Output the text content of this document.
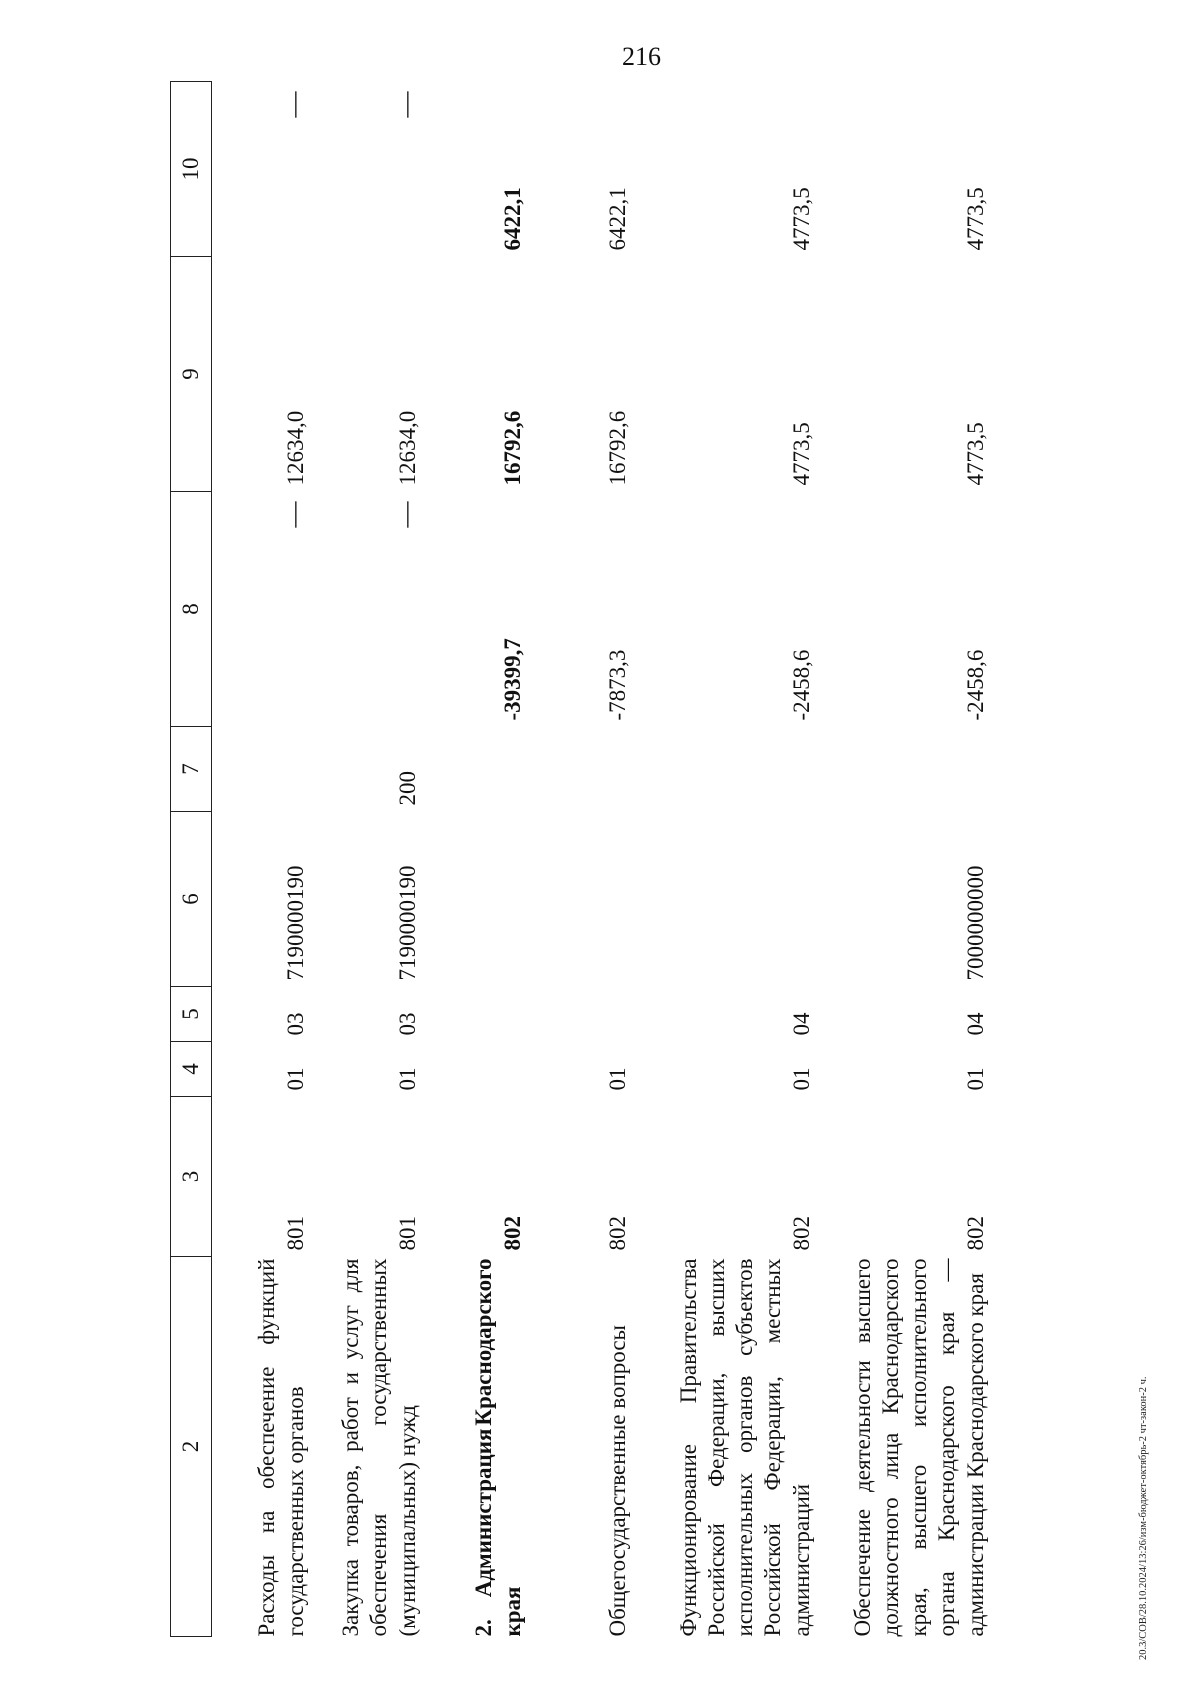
216
2	3	4	5	6	7	8	9	10
Расходы на обеспечение функций государственных органов	801	01	03	7190000190		—	12634,0	—
Закупка товаров, работ и услуг для обеспечения государственных (муниципальных) нужд	801	01	03	7190000190	200	—	12634,0	—

2.Администрация
Краснодарского
края	802					-39399,7	16792,6	6422,1
Общегосударственные вопросы	802	01				-7873,3	16792,6	6422,1
Функционирование Правительства Российской Федерации, высших исполнительных органов субъектов Российской Федерации, местных администраций	802	01	04			-2458,6	4773,5	4773,5
Обеспечение деятельности высшего должностного лица Краснодарского края, высшего исполнительного органа Краснодарского края — администрации Краснодарского края	802	01	04	7000000000		-2458,6	4773,5	4773,5
20.3/СОВ/28.10.2024/13:26/изм-бюджет-октябрь-2 чт-закон-2 ч.
